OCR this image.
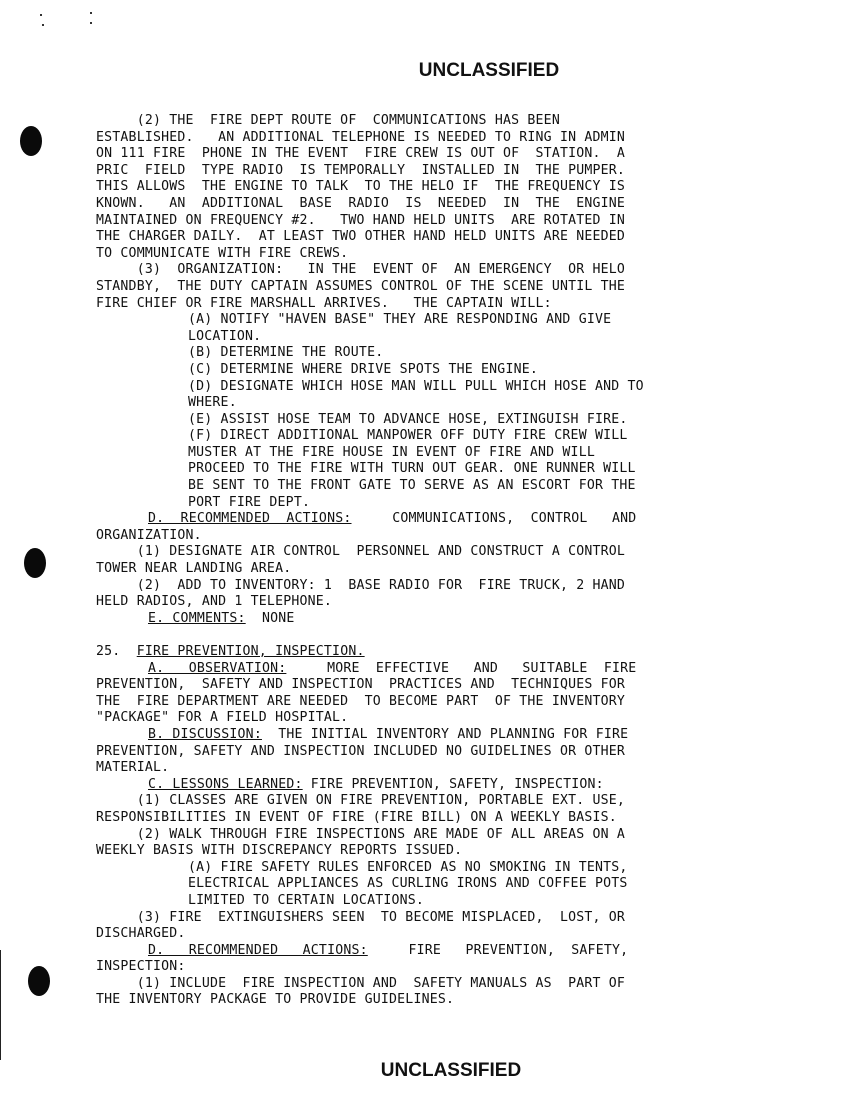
UNCLASSIFIED
(2) THE  FIRE DEPT ROUTE OF  COMMUNICATIONS HAS BEEN
ESTABLISHED.   AN ADDITIONAL TELEPHONE IS NEEDED TO RING IN ADMIN
ON 111 FIRE  PHONE IN THE EVENT  FIRE CREW IS OUT OF  STATION.  A
PRIC  FIELD  TYPE RADIO  IS TEMPORALLY  INSTALLED IN  THE PUMPER.
THIS ALLOWS  THE ENGINE TO TALK  TO THE HELO IF  THE FREQUENCY IS
KNOWN.   AN  ADDITIONAL  BASE  RADIO  IS  NEEDED  IN  THE  ENGINE
MAINTAINED ON FREQUENCY #2.   TWO HAND HELD UNITS  ARE ROTATED IN
THE CHARGER DAILY.  AT LEAST TWO OTHER HAND HELD UNITS ARE NEEDED
TO COMMUNICATE WITH FIRE CREWS.
(3)  ORGANIZATION:   IN THE  EVENT OF  AN EMERGENCY  OR HELO
STANDBY,  THE DUTY CAPTAIN ASSUMES CONTROL OF THE SCENE UNTIL THE
FIRE CHIEF OR FIRE MARSHALL ARRIVES.   THE CAPTAIN WILL:
(A) NOTIFY "HAVEN BASE" THEY ARE RESPONDING AND GIVE
LOCATION.
(B) DETERMINE THE ROUTE.
(C) DETERMINE WHERE DRIVE SPOTS THE ENGINE.
(D) DESIGNATE WHICH HOSE MAN WILL PULL WHICH HOSE AND TO
WHERE.
(E) ASSIST HOSE TEAM TO ADVANCE HOSE, EXTINGUISH FIRE.
(F) DIRECT ADDITIONAL MANPOWER OFF DUTY FIRE CREW WILL
MUSTER AT THE FIRE HOUSE IN EVENT OF FIRE AND WILL
PROCEED TO THE FIRE WITH TURN OUT GEAR. ONE RUNNER WILL
BE SENT TO THE FRONT GATE TO SERVE AS AN ESCORT FOR THE
PORT FIRE DEPT.
D.  RECOMMENDED  ACTIONS:     COMMUNICATIONS,  CONTROL   AND
ORGANIZATION.
(1) DESIGNATE AIR CONTROL  PERSONNEL AND CONSTRUCT A CONTROL
TOWER NEAR LANDING AREA.
(2)  ADD TO INVENTORY: 1  BASE RADIO FOR  FIRE TRUCK, 2 HAND
HELD RADIOS, AND 1 TELEPHONE.
E. COMMENTS:  NONE
25.  FIRE PREVENTION, INSPECTION.
A.   OBSERVATION:     MORE  EFFECTIVE   AND   SUITABLE  FIRE
PREVENTION,  SAFETY AND INSPECTION  PRACTICES AND  TECHNIQUES FOR
THE  FIRE DEPARTMENT ARE NEEDED  TO BECOME PART  OF THE INVENTORY
"PACKAGE" FOR A FIELD HOSPITAL.
B. DISCUSSION:  THE INITIAL INVENTORY AND PLANNING FOR FIRE
PREVENTION, SAFETY AND INSPECTION INCLUDED NO GUIDELINES OR OTHER
MATERIAL.
C. LESSONS LEARNED: FIRE PREVENTION, SAFETY, INSPECTION:
(1) CLASSES ARE GIVEN ON FIRE PREVENTION, PORTABLE EXT. USE,
RESPONSIBILITIES IN EVENT OF FIRE (FIRE BILL) ON A WEEKLY BASIS.
(2) WALK THROUGH FIRE INSPECTIONS ARE MADE OF ALL AREAS ON A
WEEKLY BASIS WITH DISCREPANCY REPORTS ISSUED.
(A) FIRE SAFETY RULES ENFORCED AS NO SMOKING IN TENTS,
ELECTRICAL APPLIANCES AS CURLING IRONS AND COFFEE POTS
LIMITED TO CERTAIN LOCATIONS.
(3) FIRE  EXTINGUISHERS SEEN  TO BECOME MISPLACED,  LOST, OR
DISCHARGED.
D.   RECOMMENDED   ACTIONS:     FIRE   PREVENTION,  SAFETY,
INSPECTION:
(1) INCLUDE  FIRE INSPECTION AND  SAFETY MANUALS AS  PART OF
THE INVENTORY PACKAGE TO PROVIDE GUIDELINES.
UNCLASSIFIED
